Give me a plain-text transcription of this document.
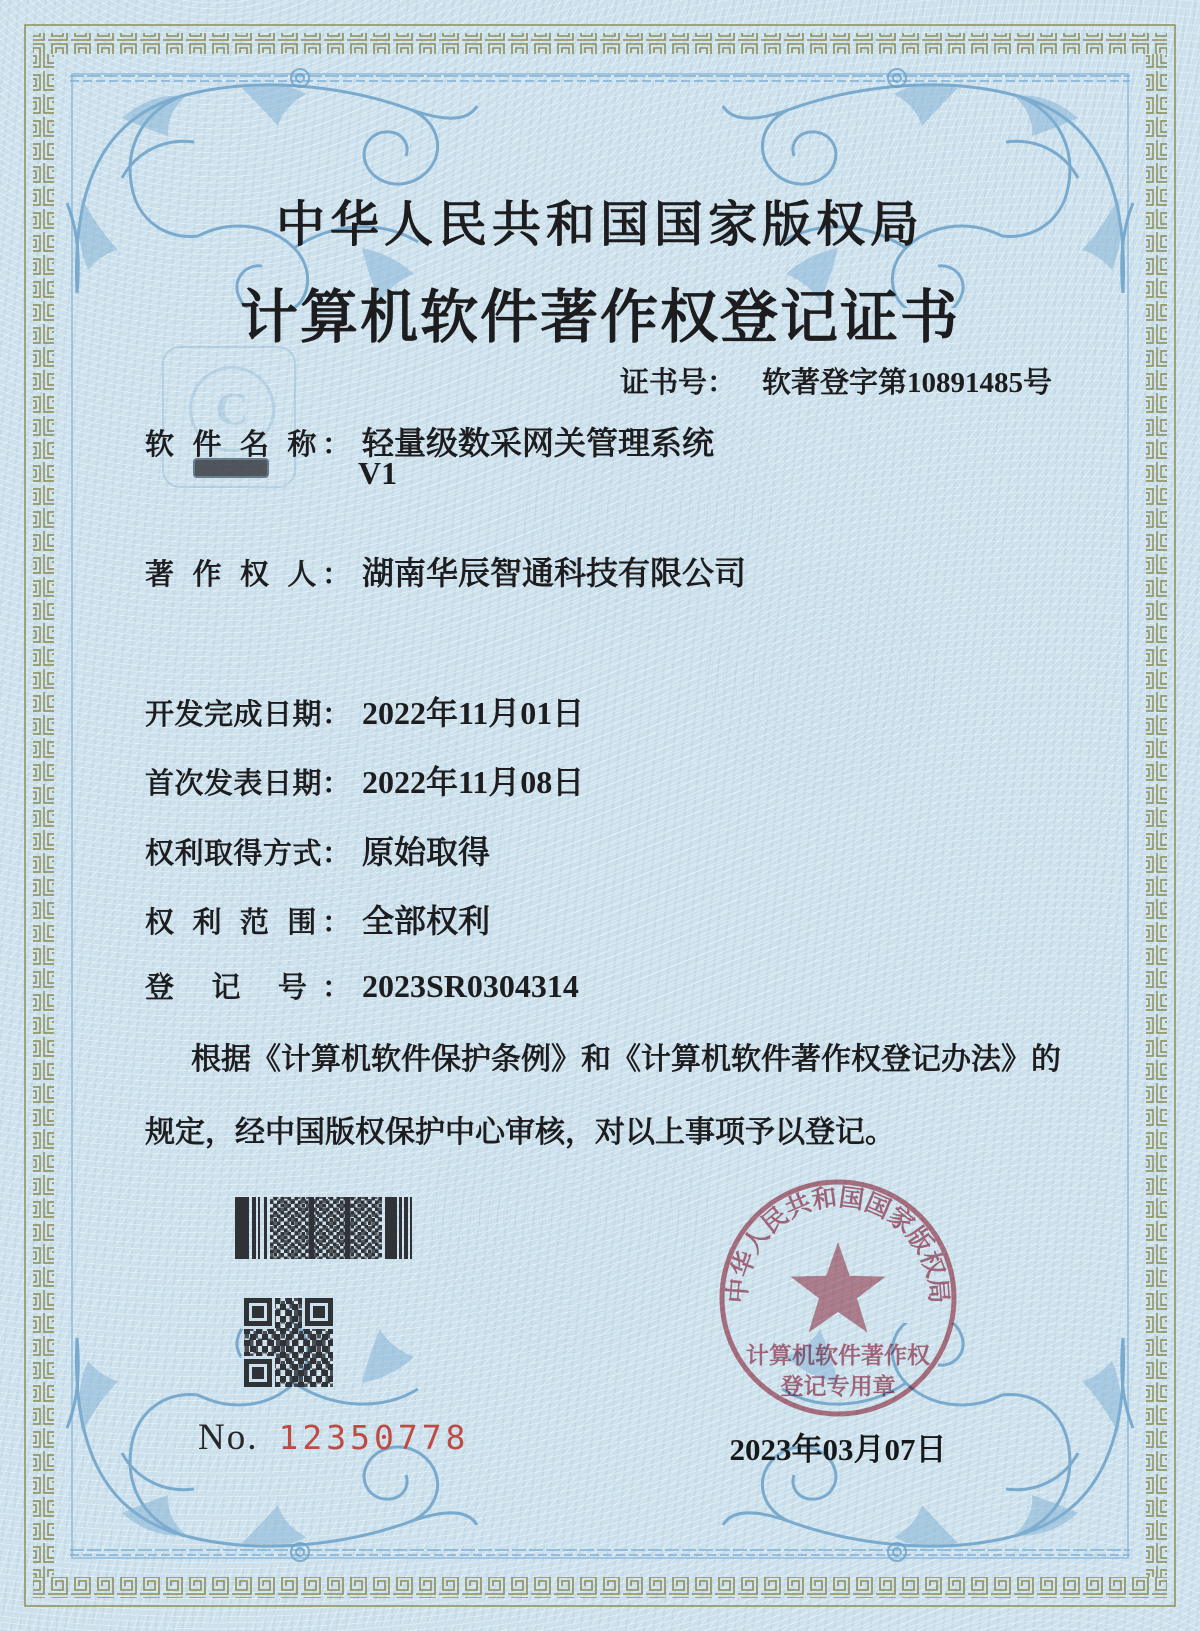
C
中华人民共和国国家版权局
计算机软件著作权登记证书
证书号： 软著登字第10891485号
软 件 名 称： 轻量级数采网关管理系统
V1
著 作 权 人： 湖南华辰智通科技有限公司
开发完成日期： 2022年11月01日
首次发表日期： 2022年11月08日
权利取得方式： 原始取得
权 利 范 围： 全部权利
登 记 号： 2023SR0304314
根据《计算机软件保护条例》和《计算机软件著作权登记办法》的
规定，经中国版权保护中心审核，对以上事项予以登记。
No. 12350778
中华人民共和国国家版权局
计算机软件著作权
登记专用章
2023年03月07日
